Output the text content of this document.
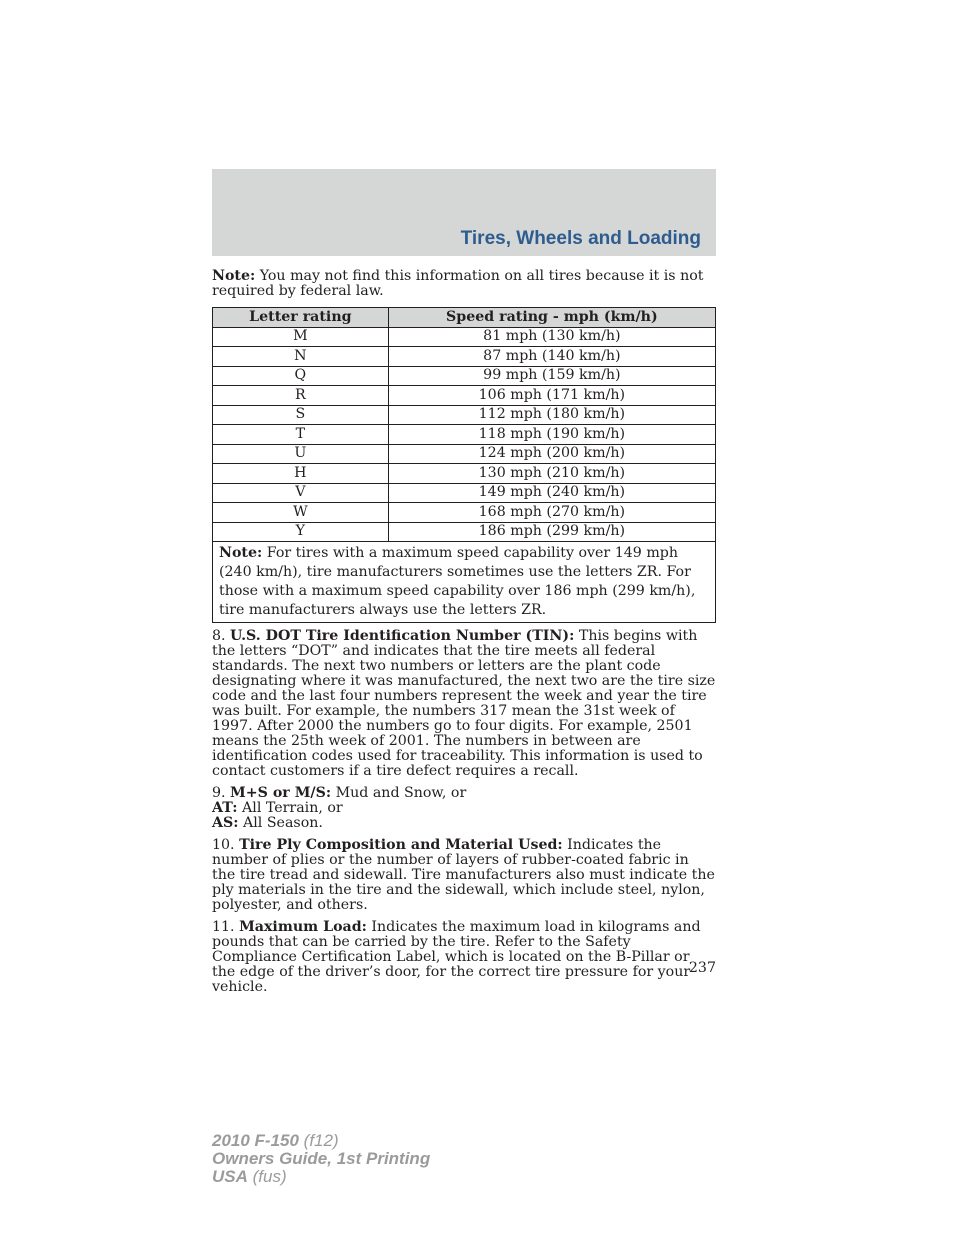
Tires, Wheels and Loading

Note: You may not find this information on all tires because it is not required by federal law.

Letter rating	Speed rating - mph (km/h)
M	81 mph (130 km/h)
N	87 mph (140 km/h)
Q	99 mph (159 km/h)
R	106 mph (171 km/h)
S	112 mph (180 km/h)
T	118 mph (190 km/h)
U	124 mph (200 km/h)
H	130 mph (210 km/h)
V	149 mph (240 km/h)
W	168 mph (270 km/h)
Y	186 mph (299 km/h)
Note: For tires with a maximum speed capability over 149 mph (240 km/h), tire manufacturers sometimes use the letters ZR. For those with a maximum speed capability over 186 mph (299 km/h), tire manufacturers always use the letters ZR.	

8. U.S. DOT Tire Identification Number (TIN): This begins with the letters “DOT” and indicates that the tire meets all federal standards. The next two numbers or letters are the plant code designating where it was manufactured, the next two are the tire size code and the last four numbers represent the week and year the tire was built. For example, the numbers 317 mean the 31st week of 1997. After 2000 the numbers go to four digits. For example, 2501 means the 25th week of 2001. The numbers in between are identification codes used for traceability. This information is used to contact customers if a tire defect requires a recall.

9. M+S or M/S: Mud and Snow, or
AT: All Terrain, or
AS: All Season.

10. Tire Ply Composition and Material Used: Indicates the number of plies or the number of layers of rubber-coated fabric in the tire tread and sidewall. Tire manufacturers also must indicate the ply materials in the tire and the sidewall, which include steel, nylon, polyester, and others.

11. Maximum Load: Indicates the maximum load in kilograms and pounds that can be carried by the tire. Refer to the Safety Compliance Certification Label, which is located on the B-Pillar or the edge of the driver’s door, for the correct tire pressure for your vehicle.

237
2010 F-150 (f12)
Owners Guide, 1st Printing
USA (fus)
